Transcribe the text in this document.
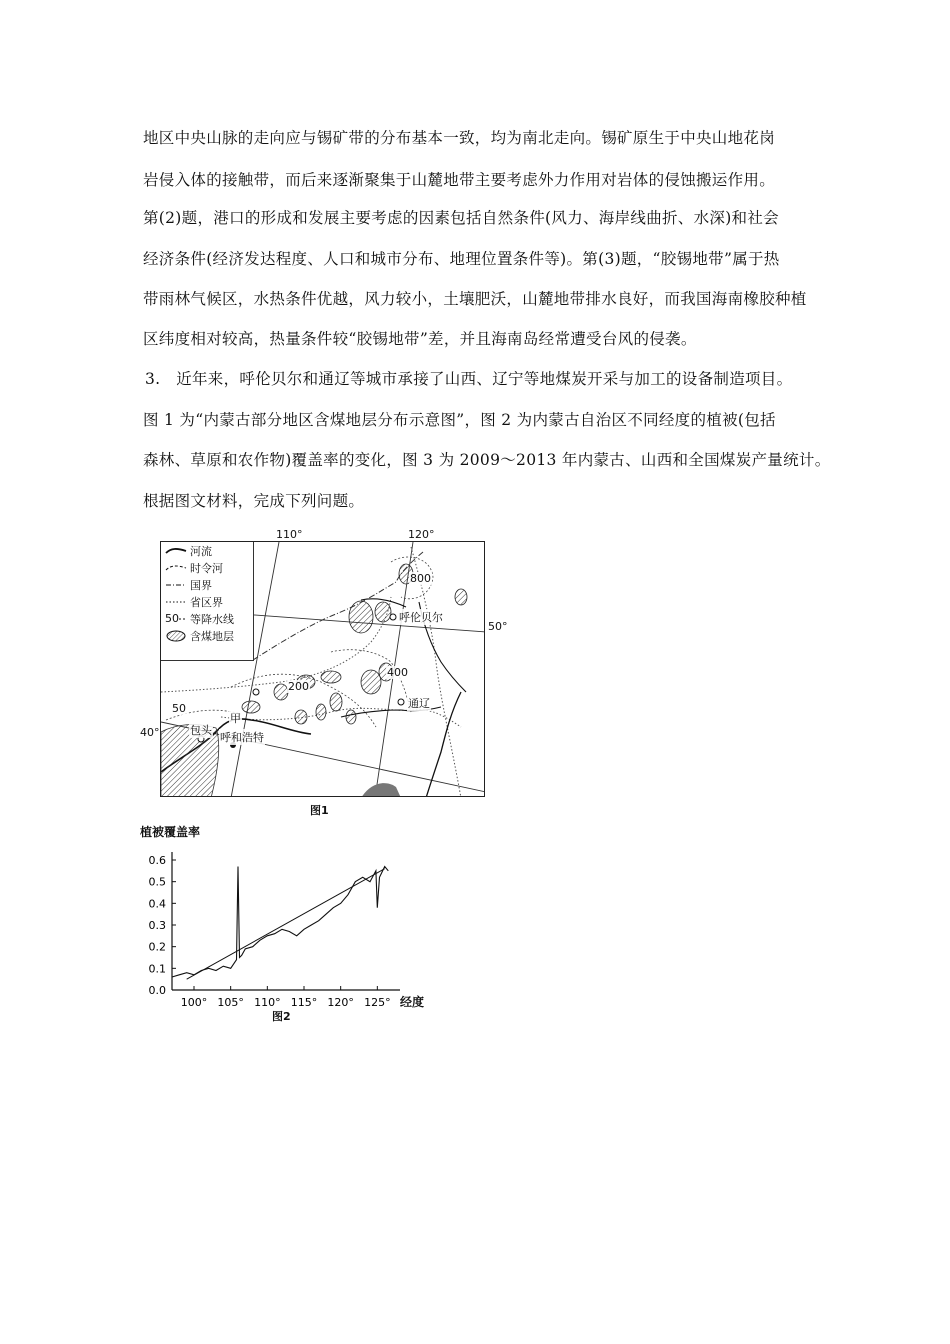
地区中央山脉的走向应与锡矿带的分布基本一致，均为南北走向。锡矿原生于中央山地花岗
岩侵入体的接触带，而后来逐渐聚集于山麓地带主要考虑外力作用对岩体的侵蚀搬运作用。
第(2)题，港口的形成和发展主要考虑的因素包括自然条件(风力、海岸线曲折、水深)和社会
经济条件(经济发达程度、人口和城市分布、地理位置条件等)。第(3)题，“胶锡地带”属于热
带雨林气候区，水热条件优越，风力较小，土壤肥沃，山麓地带排水良好，而我国海南橡胶种植
区纬度相对较高，热量条件较“胶锡地带”差，并且海南岛经常遭受台风的侵袭。
3.　近年来，呼伦贝尔和通辽等城市承接了山西、辽宁等地煤炭开采与加工的设备制造项目。
图 1 为“内蒙古部分地区含煤地层分布示意图”，图 2 为内蒙古自治区不同经度的植被(包括
森林、草原和农作物)覆盖率的变化，图 3 为 2009～2013 年内蒙古、山西和全国煤炭产量统计。
根据图文材料，完成下列问题。
110°	120°
50°
40°
河流
时令河
国界
省区界
50 等降水线
含煤地层
800
呼伦贝尔
400
200
通辽
50
甲
包头
呼和浩特
图1
植被覆盖率
0.0
0.1
0.2
0.3
0.4
0.5
0.6
100° 105° 110° 115° 120° 125° 经度
图2
